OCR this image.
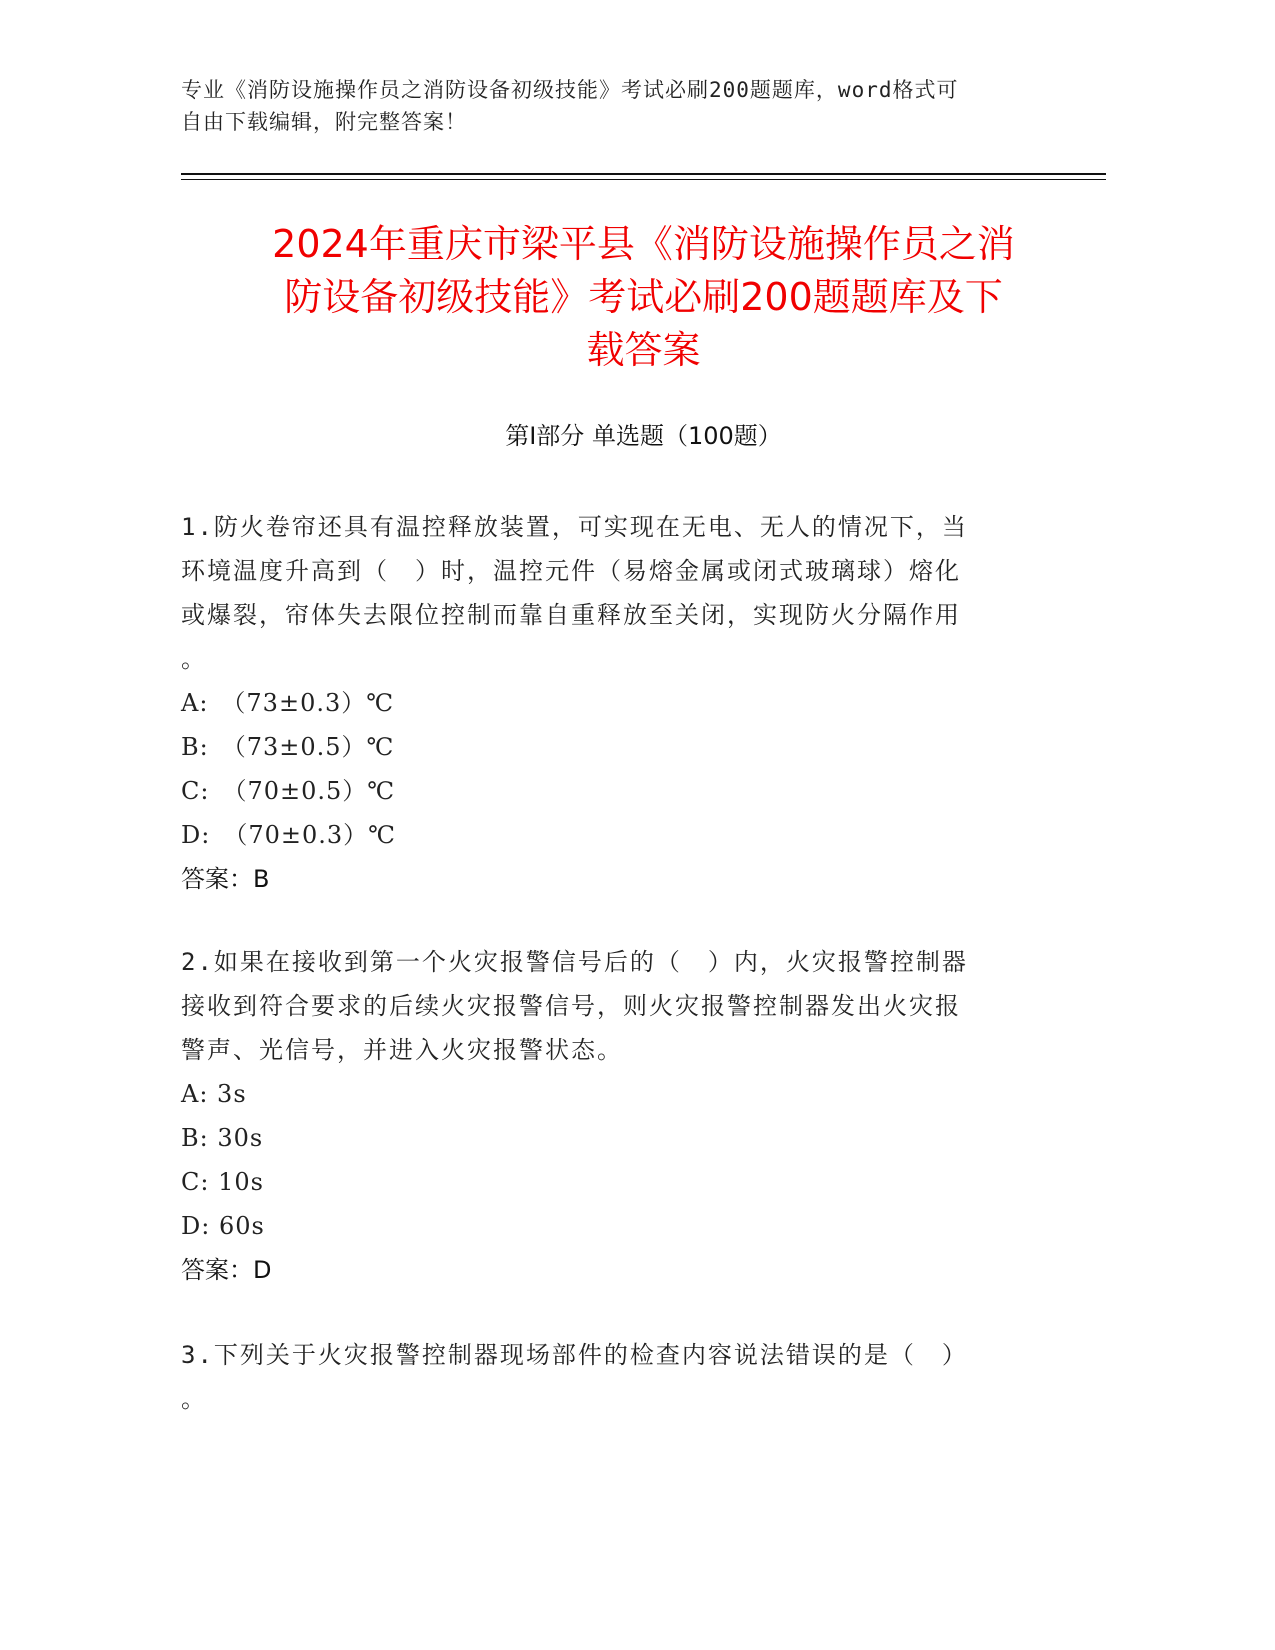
专业《消防设施操作员之消防设备初级技能》考试必刷200题题库，word格式可
自由下载编辑，附完整答案！
2024年重庆市梁平县《消防设施操作员之消
防设备初级技能》考试必刷200题题库及下
载答案
第Ⅰ部分 单选题（100题）
1.防火卷帘还具有温控释放装置，可实现在无电、无人的情况下，当
环境温度升高到（　）时，温控元件（易熔金属或闭式玻璃球）熔化
或爆裂，帘体失去限位控制而靠自重释放至关闭，实现防火分隔作用
。
A:　（73±0.3）℃
B:　（73±0.5）℃
C:　（70±0.5）℃
D:　（70±0.3）℃
答案：B
2.如果在接收到第一个火灾报警信号后的（　）内，火灾报警控制器
接收到符合要求的后续火灾报警信号，则火灾报警控制器发出火灾报
警声、光信号，并进入火灾报警状态。
A: 3s
B: 30s
C: 10s
D: 60s
答案：D
3.下列关于火灾报警控制器现场部件的检查内容说法错误的是（　）
。
